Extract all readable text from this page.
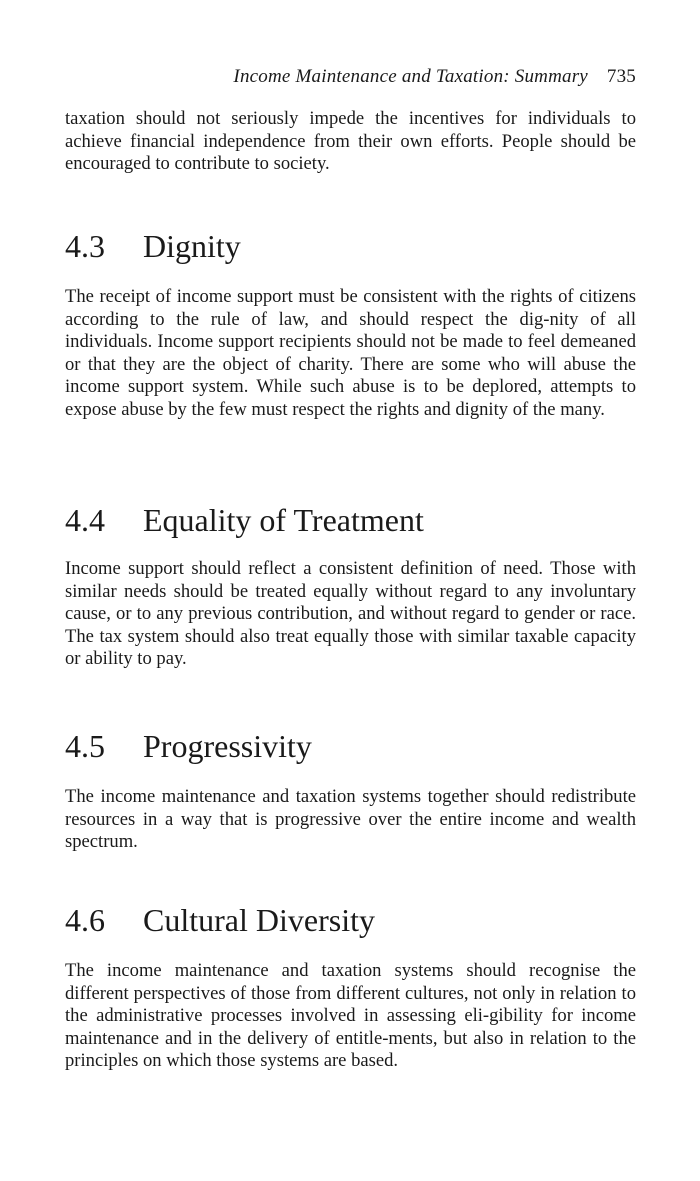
Income Maintenance and Taxation: Summary 735

taxation should not seriously impede the incentives for individuals to achieve financial independence from their own efforts. People should be encouraged to contribute to society.

4.3 Dignity

The receipt of income support must be consistent with the rights of citizens according to the rule of law, and should respect the dig-nity of all individuals. Income support recipients should not be made to feel demeaned or that they are the object of charity. There are some who will abuse the income support system. While such abuse is to be deplored, attempts to expose abuse by the few must respect the rights and dignity of the many.

4.4 Equality of Treatment

Income support should reflect a consistent definition of need. Those with similar needs should be treated equally without regard to any involuntary cause, or to any previous contribution, and without regard to gender or race. The tax system should also treat equally those with similar taxable capacity or ability to pay.

4.5 Progressivity

The income maintenance and taxation systems together should redistribute resources in a way that is progressive over the entire income and wealth spectrum.

4.6 Cultural Diversity

The income maintenance and taxation systems should recognise the different perspectives of those from different cultures, not only in relation to the administrative processes involved in assessing eli-gibility for income maintenance and in the delivery of entitle-ments, but also in relation to the principles on which those systems are based.
